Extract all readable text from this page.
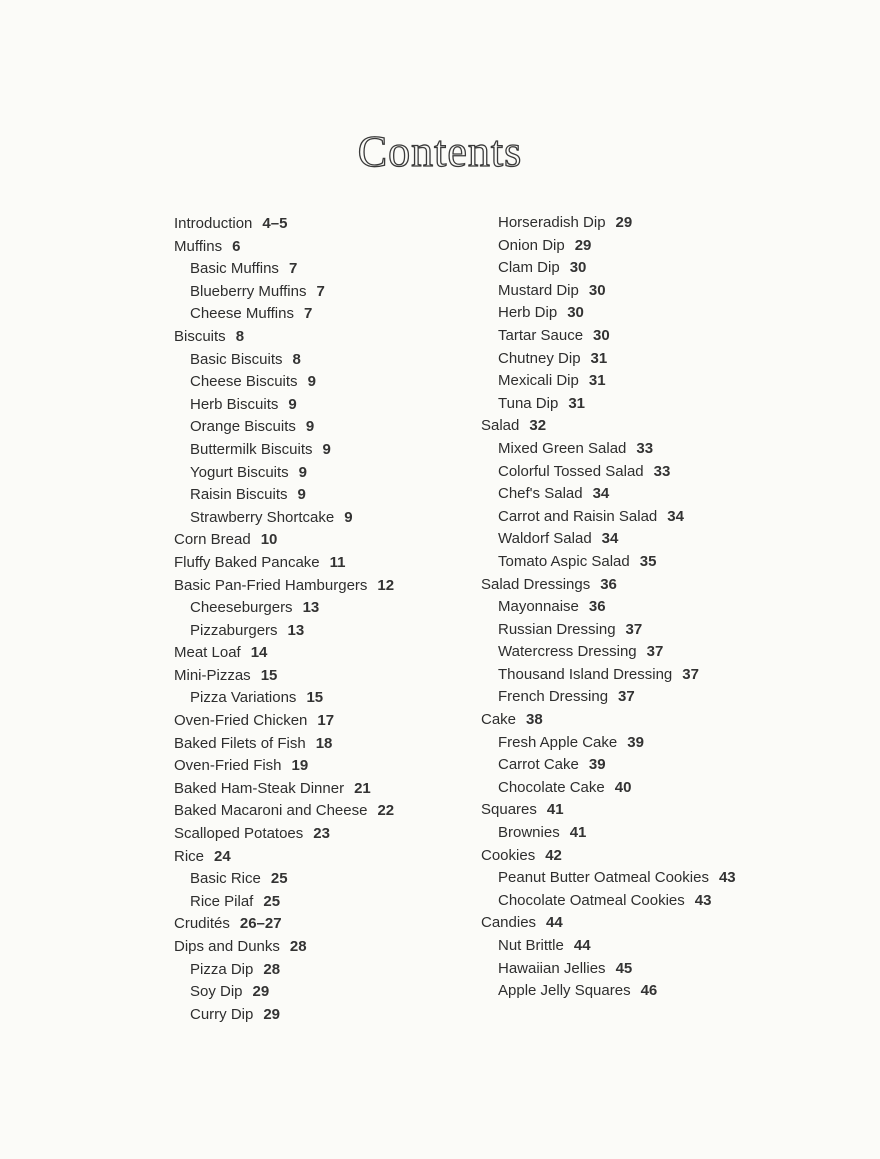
Contents
Introduction 4–5
Muffins 6
Basic Muffins 7
Blueberry Muffins 7
Cheese Muffins 7
Biscuits 8
Basic Biscuits 8
Cheese Biscuits 9
Herb Biscuits 9
Orange Biscuits 9
Buttermilk Biscuits 9
Yogurt Biscuits 9
Raisin Biscuits 9
Strawberry Shortcake 9
Corn Bread 10
Fluffy Baked Pancake 11
Basic Pan-Fried Hamburgers 12
Cheeseburgers 13
Pizzaburgers 13
Meat Loaf 14
Mini-Pizzas 15
Pizza Variations 15
Oven-Fried Chicken 17
Baked Filets of Fish 18
Oven-Fried Fish 19
Baked Ham-Steak Dinner 21
Baked Macaroni and Cheese 22
Scalloped Potatoes 23
Rice 24
Basic Rice 25
Rice Pilaf 25
Crudités 26–27
Dips and Dunks 28
Pizza Dip 28
Soy Dip 29
Curry Dip 29
Horseradish Dip 29
Onion Dip 29
Clam Dip 30
Mustard Dip 30
Herb Dip 30
Tartar Sauce 30
Chutney Dip 31
Mexicali Dip 31
Tuna Dip 31
Salad 32
Mixed Green Salad 33
Colorful Tossed Salad 33
Chef's Salad 34
Carrot and Raisin Salad 34
Waldorf Salad 34
Tomato Aspic Salad 35
Salad Dressings 36
Mayonnaise 36
Russian Dressing 37
Watercress Dressing 37
Thousand Island Dressing 37
French Dressing 37
Cake 38
Fresh Apple Cake 39
Carrot Cake 39
Chocolate Cake 40
Squares 41
Brownies 41
Cookies 42
Peanut Butter Oatmeal Cookies 43
Chocolate Oatmeal Cookies 43
Candies 44
Nut Brittle 44
Hawaiian Jellies 45
Apple Jelly Squares 46
